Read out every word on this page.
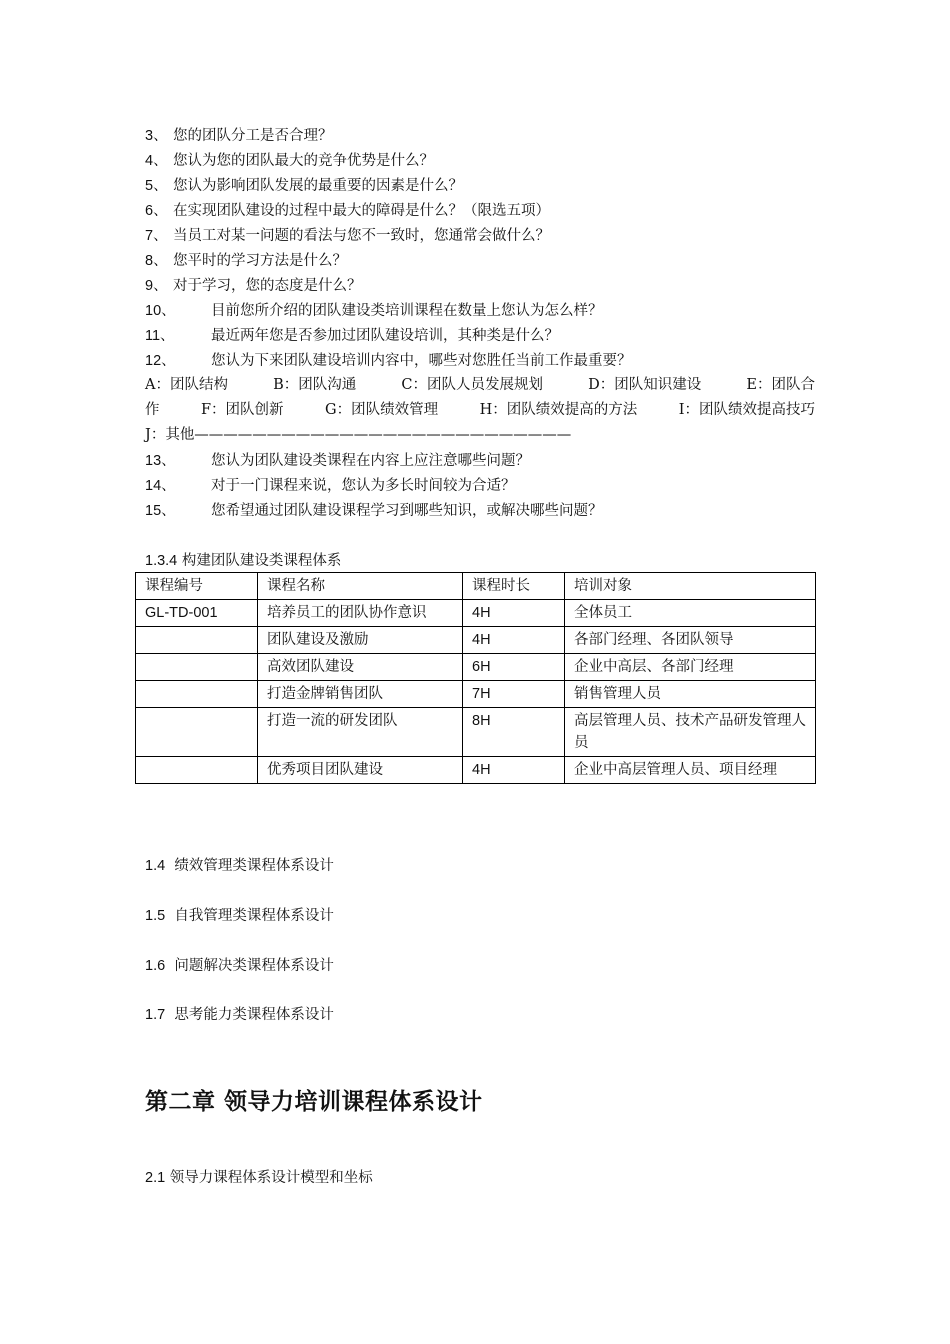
3、 您的团队分工是否合理？
4、 您认为您的团队最大的竞争优势是什么？
5、 您认为影响团队发展的最重要的因素是什么？
6、 在实现团队建设的过程中最大的障碍是什么？（限选五项）
7、 当员工对某一问题的看法与您不一致时，您通常会做什么？
8、 您平时的学习方法是什么？
9、 对于学习，您的态度是什么？
10、 目前您所介绍的团队建设类培训课程在数量上您认为怎么样？
11、	最近两年您是否参加过团队建设培训，其种类是什么？
12、 您认为下来团队建设培训内容中，哪些对您胜任当前工作最重要？
A：团队结构	B：团队沟通	C：团队人员发展规划	D：团队知识建设	E：团队合
作	F：团队创新	G：团队绩效管理	H：团队绩效提高的方法	I：团队绩效提高技巧
J：其他——————————————————————————
13、 您认为团队建设类课程在内容上应注意哪些问题？
14、 对于一门课程来说，您认为多长时间较为合适？
15、 您希望通过团队建设课程学习到哪些知识，或解决哪些问题？
1.3.4 构建团队建设类课程体系
课程编号	课程名称	课程时长	培训对象
GL-TD-001	培养员工的团队协作意识	4H	全体员工
	团队建设及激励	4H	各部门经理、各团队领导
	高效团队建设	6H	企业中高层、各部门经理
	打造金牌销售团队	7H	销售管理人员
	打造一流的研发团队	8H	高层管理人员、技术产品研发管理人员
	优秀项目团队建设	4H	企业中高层管理人员、项目经理
1.4 绩效管理类课程体系设计
1.5 自我管理类课程体系设计
1.6 问题解决类课程体系设计
1.7 思考能力类课程体系设计
第二章 领导力培训课程体系设计
2.1 领导力课程体系设计模型和坐标
